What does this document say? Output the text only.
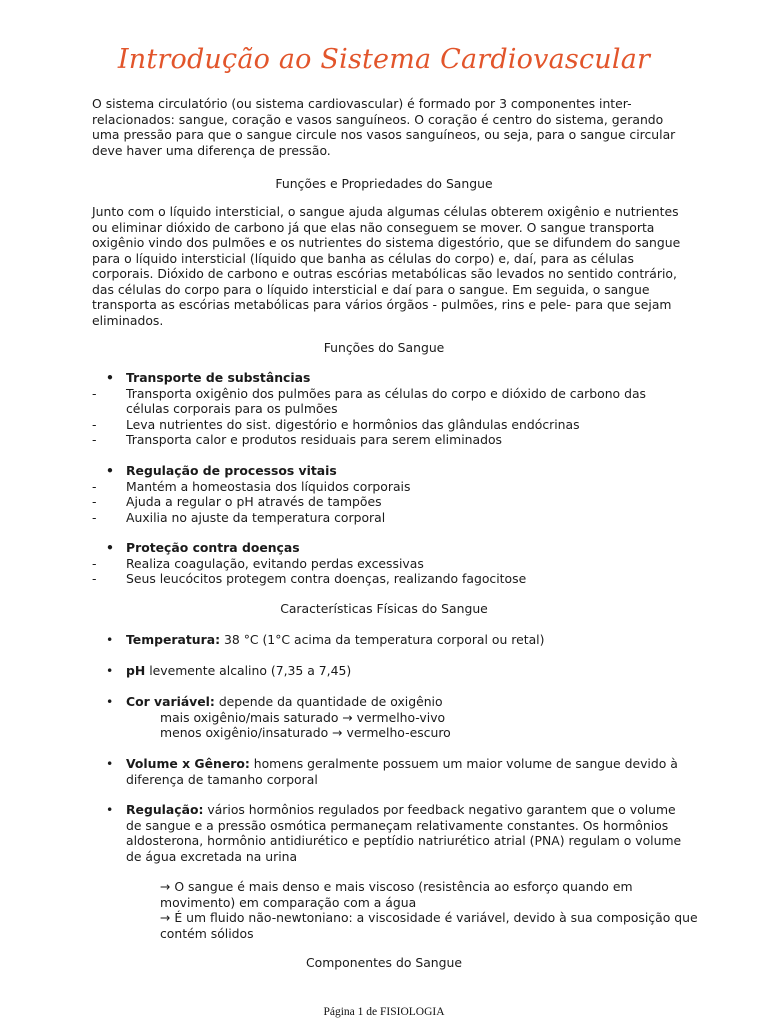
Introdução ao Sistema Cardiovascular
O sistema circulatório (ou sistema cardiovascular) é formado por 3 componentes inter-relacionados: sangue, coração e vasos sanguíneos. O coração é centro do sistema, gerando uma pressão para que o sangue circule nos vasos sanguíneos, ou seja, para o sangue circular deve haver uma diferença de pressão.
Funções e Propriedades do Sangue
Junto com o líquido intersticial, o sangue ajuda algumas células obterem oxigênio e nutrientes ou eliminar dióxido de carbono já que elas não conseguem se mover. O sangue transporta oxigênio vindo dos pulmões e os nutrientes do sistema digestório, que se difundem do sangue para o líquido intersticial (líquido que banha as células do corpo) e, daí, para as células corporais. Dióxido de carbono e outras escórias metabólicas são levados no sentido contrário, das células do corpo para o líquido intersticial e daí para o sangue. Em seguida, o sangue transporta as escórias metabólicas para vários órgãos - pulmões, rins e pele- para que sejam eliminados.
Funções do Sangue
• Transporte de substâncias
- Transporta oxigênio dos pulmões para as células do corpo e dióxido de carbono das células corporais para os pulmões
- Leva nutrientes do sist. digestório e hormônios das glândulas endócrinas
- Transporta calor e produtos residuais para serem eliminados
• Regulação de processos vitais
- Mantém a homeostasia dos líquidos corporais
- Ajuda a regular o pH através de tampões
- Auxilia no ajuste da temperatura corporal
• Proteção contra doenças
- Realiza coagulação, evitando perdas excessivas
- Seus leucócitos protegem contra doenças, realizando fagocitose
Características Físicas do Sangue
• Temperatura: 38 °C (1°C acima da temperatura corporal ou retal)
• pH levemente alcalino (7,35 a 7,45)
• Cor variável: depende da quantidade de oxigênio
mais oxigênio/mais saturado → vermelho-vivo
menos oxigênio/insaturado → vermelho-escuro
• Volume x Gênero: homens geralmente possuem um maior volume de sangue devido à diferença de tamanho corporal
• Regulação: vários hormônios regulados por feedback negativo garantem que o volume de sangue e a pressão osmótica permaneçam relativamente constantes. Os hormônios aldosterona, hormônio antidiurético e peptídio natriurético atrial (PNA) regulam o volume de água excretada na urina
→ O sangue é mais denso e mais viscoso (resistência ao esforço quando em movimento) em comparação com a água
→ É um fluido não-newtoniano: a viscosidade é variável, devido à sua composição que contém sólidos
Componentes do Sangue
Página 1 de FISIOLOGIA
